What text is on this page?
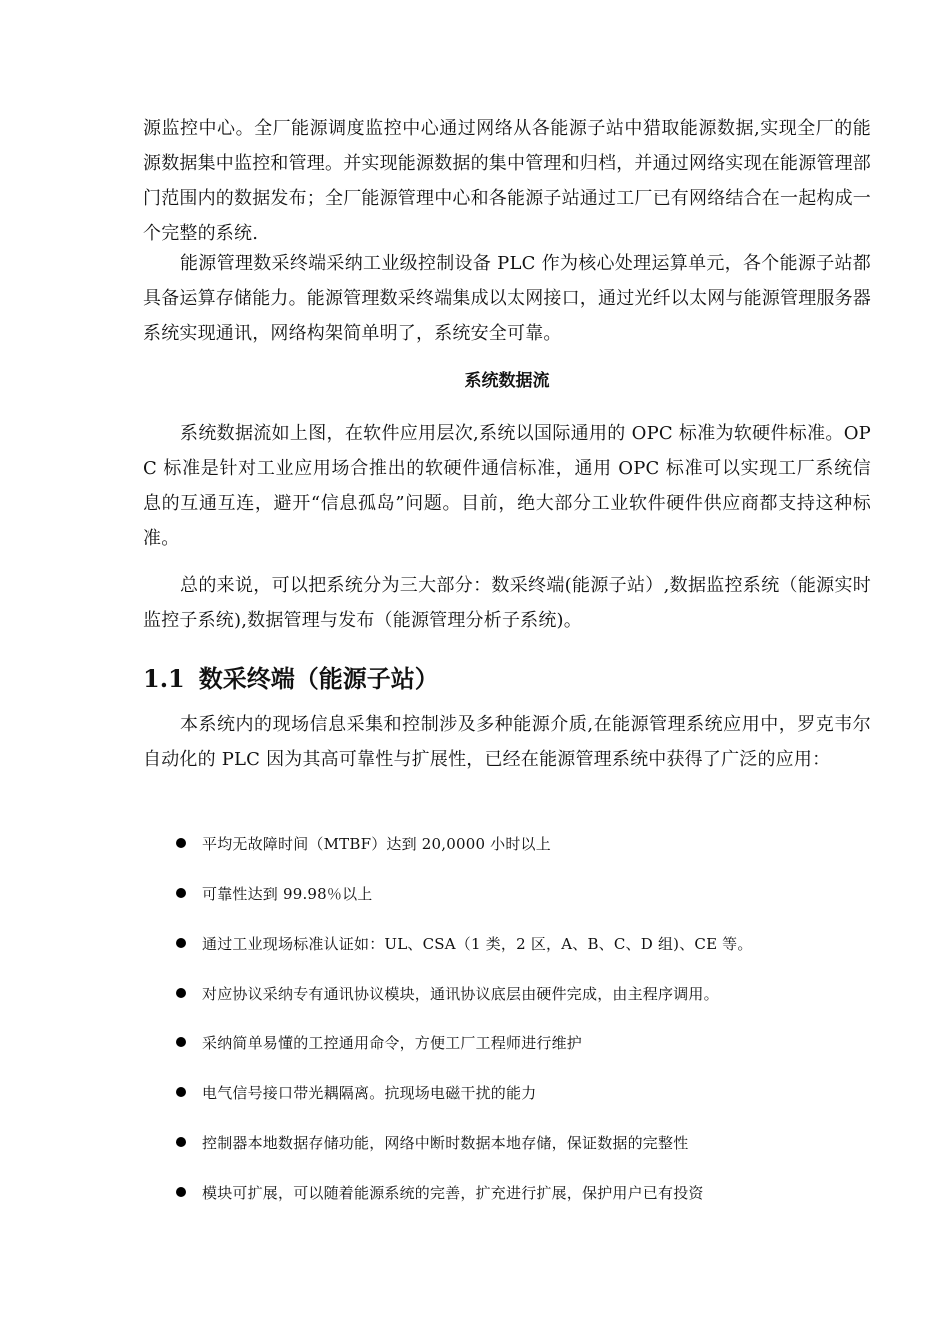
源监控中心。全厂能源调度监控中心通过网络从各能源子站中猎取能源数据,实现全厂的能源数据集中监控和管理。并实现能源数据的集中管理和归档，并通过网络实现在能源管理部门范围内的数据发布；全厂能源管理中心和各能源子站通过工厂已有网络结合在一起构成一个完整的系统.

能源管理数采终端采纳工业级控制设备 PLC 作为核心处理运算单元，各个能源子站都具备运算存储能力。能源管理数采终端集成以太网接口，通过光纤以太网与能源管理服务器系统实现通讯，网络构架简单明了，系统安全可靠。

系统数据流

系统数据流如上图，在软件应用层次,系统以国际通用的 OPC 标准为软硬件标准。OPC 标准是针对工业应用场合推出的软硬件通信标准，通用 OPC 标准可以实现工厂系统信息的互通互连，避开“信息孤岛”问题。目前，绝大部分工业软件硬件供应商都支持这种标准。

总的来说，可以把系统分为三大部分：数采终端(能源子站）,数据监控系统（能源实时监控子系统),数据管理与发布（能源管理分析子系统)。

1.1 数采终端（能源子站）

本系统内的现场信息采集和控制涉及多种能源介质,在能源管理系统应用中，罗克韦尔自动化的 PLC 因为其高可靠性与扩展性，已经在能源管理系统中获得了广泛的应用：

平均无故障时间（MTBF）达到 20,0000 小时以上
可靠性达到 99.98％以上
通过工业现场标准认证如：UL、CSA（1 类，2 区，A、B、C、D 组)、CE 等。
对应协议采纳专有通讯协议模块，通讯协议底层由硬件完成，由主程序调用。
采纳简单易懂的工控通用命令，方便工厂工程师进行维护
电气信号接口带光耦隔离。抗现场电磁干扰的能力
控制器本地数据存储功能，网络中断时数据本地存储，保证数据的完整性
模块可扩展，可以随着能源系统的完善，扩充进行扩展，保护用户已有投资
